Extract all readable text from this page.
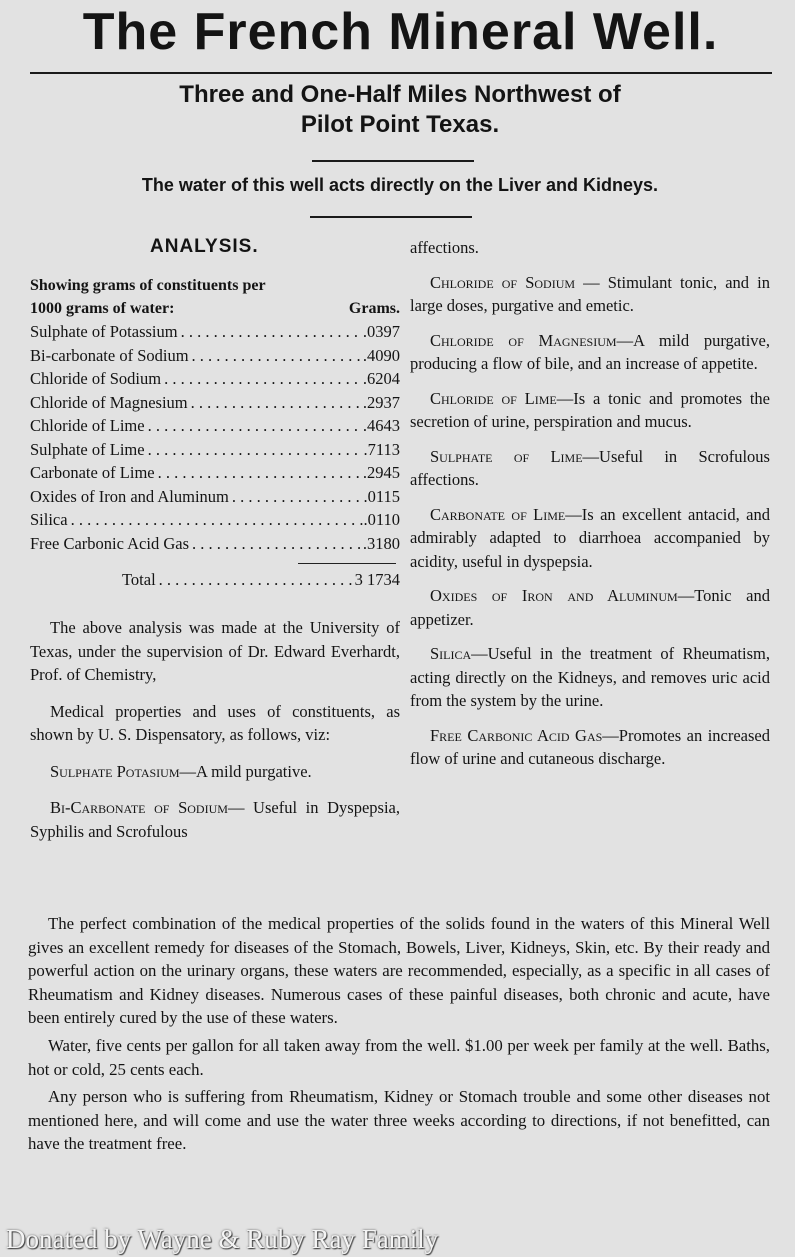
The French Mineral Well.
Three and One-Half Miles Northwest of
Pilot Point Texas.
The water of this well acts directly on the Liver and Kidneys.
ANALYSIS.
Showing grams of constituents per
1000 grams of water:	Grams.
Sulphate of Potassium . . .	.0397
Bi-carbonate of Sodium . . .	.4090
Chloride of Sodium . . .	.6204
Chloride of Magnesium . . .	.2937
Chloride of Lime . . .	.4643
Sulphate of Lime . . .	.7113
Carbonate of Lime . . .	.2945
Oxides of Iron and Aluminum . . .	.0115
Silica . . .	.0110
Free Carbonic Acid Gas . . .	.3180
Total . . .	3 1734

The above analysis was made at the University of Texas, under the supervision of Dr. Edward Everhardt, Prof. of Chemistry,

Medical properties and uses of constituents, as shown by U. S. Dispensatory, as follows, viz:

Sulphate Potasium—A mild purgative.

Bi-Carbonate of Sodium— Useful in Dyspepsia, Syphilis and Scrofulous

affections.

Chloride of Sodium — Stimulant tonic, and in large doses, purgative and emetic.

Chloride of Magnesium—A mild purgative, producing a flow of bile, and an increase of appetite.

Chloride of Lime—Is a tonic and promotes the secretion of urine, perspiration and mucus.

Sulphate of Lime—Useful in Scrofulous affections.

Carbonate of Lime—Is an excellent antacid, and admirably adapted to diarrhoea accompanied by acidity, useful in dyspepsia.

Oxides of Iron and Aluminum—Tonic and appetizer.

Silica—Useful in the treatment of Rheumatism, acting directly on the Kidneys, and removes uric acid from the system by the urine.

Free Carbonic Acid Gas—Promotes an increased flow of urine and cutaneous discharge.

The perfect combination of the medical properties of the solids found in the waters of this Mineral Well gives an excellent remedy for diseases of the Stomach, Bowels, Liver, Kidneys, Skin, etc. By their ready and powerful action on the urinary organs, these waters are recommended, especially, as a specific in all cases of Rheumatism and Kidney diseases. Numerous cases of these painful diseases, both chronic and acute, have been entirely cured by the use of these waters.

Water, five cents per gallon for all taken away from the well. $1.00 per week per family at the well. Baths, hot or cold, 25 cents each.

Any person who is suffering from Rheumatism, Kidney or Stomach trouble and some other diseases not mentioned here, and will come and use the water three weeks according to directions, if not benefitted, can have the treatment free.

Donated by Wayne & Ruby Ray Family
